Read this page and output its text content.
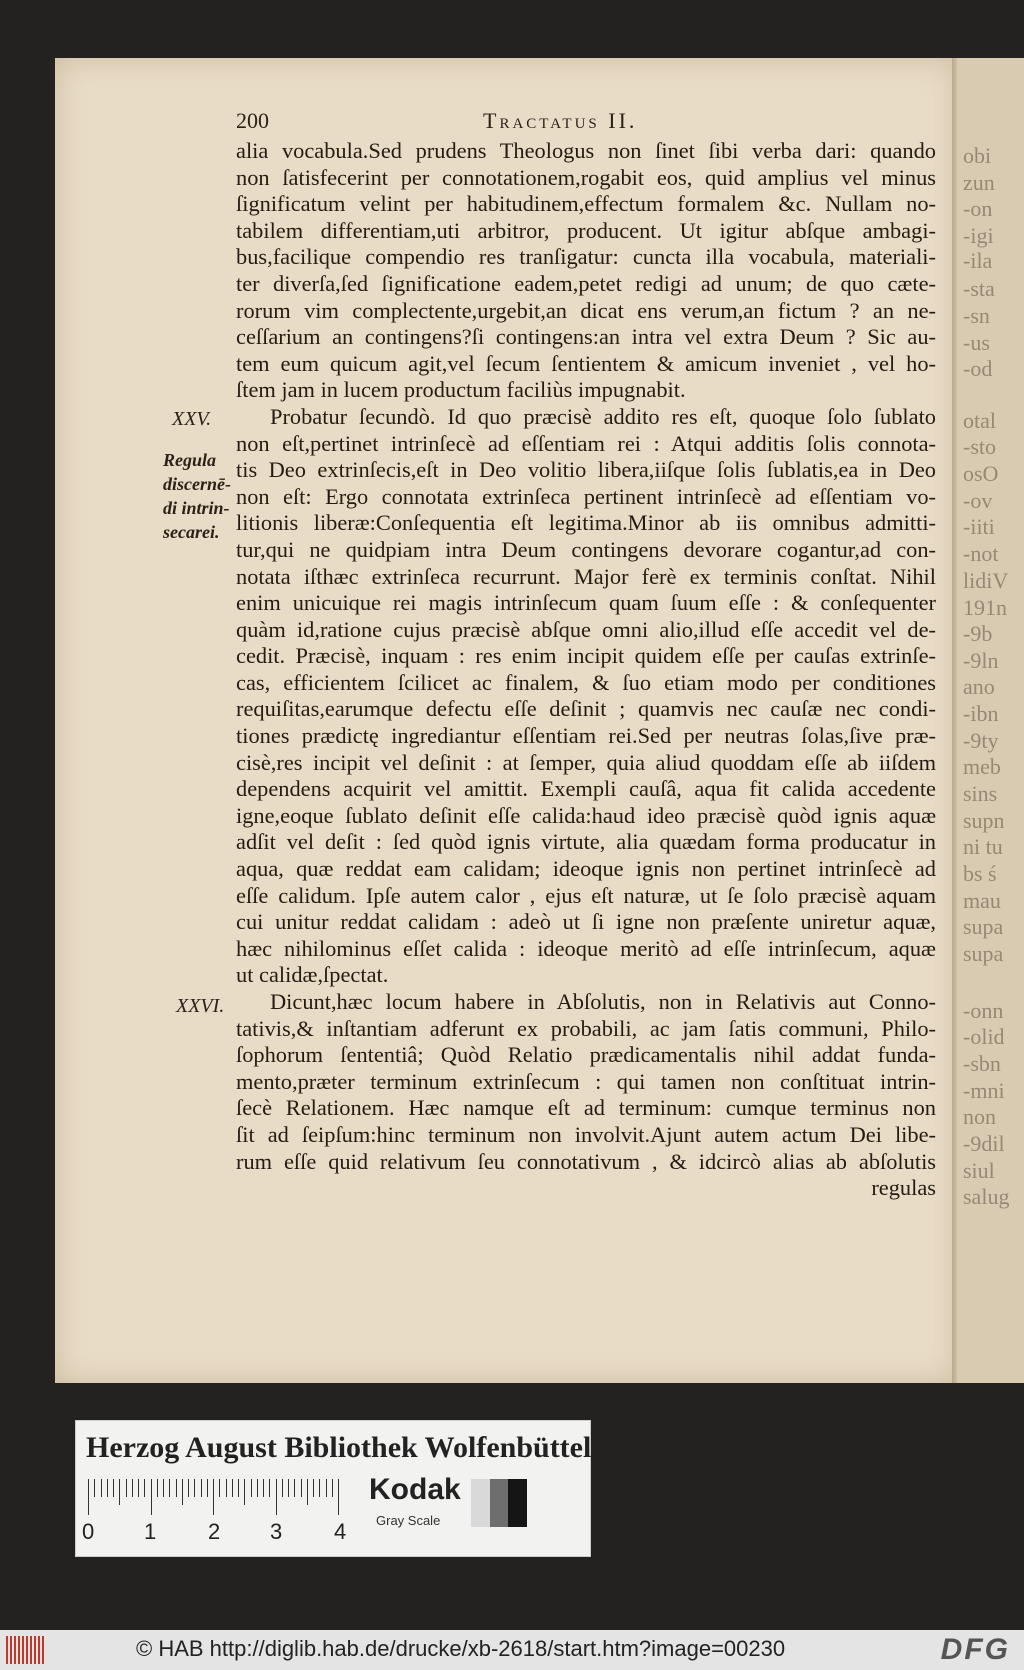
obi
zun
-on
-igi
-ila
-sta
-sn
-us
-od
otal
-sto
osO
-ov
-iiti
-not
lidiV
191n
-9b
-9ln
ano
-ibn
-9ty
meb
sins
supn
ni tu
bs ś
mau
supa
supa
-onn
-olid
-sbn
-mni
non
-9dil
siul
salug
200	Tractatus II.
XXV.
Regula
discernē-
di intrin-
secarei.
XXVI.
alia vocabula.Sed prudens Theologus non ſinet ſibi verba dari: quando
non ſatisfecerint per connotationem,rogabit eos, quid amplius vel minus
ſignificatum velint per habitudinem,effectum formalem &c. Nullam no-
tabilem differentiam,uti arbitror, producent. Ut igitur abſque ambagi-
bus,facilique compendio res tranſigatur: cuncta illa vocabula, materiali-
ter diverſa,ſed ſignificatione eadem,petet redigi ad unum; de quo cæte-
rorum vim complectente,urgebit,an dicat ens verum,an fictum ? an ne-
ceſſarium an contingens?ſi contingens:an intra vel extra Deum ? Sic au-
tem eum quicum agit,vel ſecum ſentientem & amicum inveniet , vel ho-
ſtem jam in lucem productum faciliùs impugnabit.
Probatur ſecundò. Id quo præcisè addito res eſt, quoque ſolo ſublato
non eſt,pertinet intrinſecè ad eſſentiam rei : Atqui additis ſolis connota-
tis Deo extrinſecis,eſt in Deo volitio libera,iiſque ſolis ſublatis,ea in Deo
non eſt: Ergo connotata extrinſeca pertinent intrinſecè ad eſſentiam vo-
litionis liberæ:Conſequentia eſt legitima.Minor ab iis omnibus admitti-
tur,qui ne quidpiam intra Deum contingens devorare cogantur,ad con-
notata iſthæc extrinſeca recurrunt. Major ferè ex terminis conſtat. Nihil
enim unicuique rei magis intrinſecum quam ſuum eſſe : & conſequenter
quàm id,ratione cujus præcisè abſque omni alio,illud eſſe accedit vel de-
cedit. Præcisè, inquam : res enim incipit quidem eſſe per cauſas extrinſe-
cas, efficientem ſcilicet ac finalem, & ſuo etiam modo per conditiones
requiſitas,earumque defectu eſſe deſinit ; quamvis nec cauſæ nec condi-
tiones prædictę ingrediantur eſſentiam rei.Sed per neutras ſolas,ſive præ-
cisè,res incipit vel deſinit : at ſemper, quia aliud quoddam eſſe ab iiſdem
dependens acquirit vel amittit. Exempli cauſâ, aqua fit calida accedente
igne,eoque ſublato deſinit eſſe calida:haud ideo præcisè quòd ignis aquæ
adſit vel deſit : ſed quòd ignis virtute, alia quædam forma producatur in
aqua, quæ reddat eam calidam; ideoque ignis non pertinet intrinſecè ad
eſſe calidum. Ipſe autem calor , ejus eſt naturæ, ut ſe ſolo præcisè aquam
cui unitur reddat calidam : adeò ut ſi igne non præſente uniretur aquæ,
hæc nihilominus eſſet calida : ideoque meritò ad eſſe intrinſecum, aquæ
ut calidæ,ſpectat.
Dicunt,hæc locum habere in Abſolutis, non in Relativis aut Conno-
tativis,& inſtantiam adferunt ex probabili, ac jam ſatis communi, Philo-
ſophorum ſententiâ; Quòd Relatio prædicamentalis nihil addat funda-
mento,præter terminum extrinſecum : qui tamen non conſtituat intrin-
ſecè Relationem. Hæc namque eſt ad terminum: cumque terminus non
ſit ad ſeipſum:hinc terminum non involvit.Ajunt autem actum Dei libe-
rum eſſe quid relativum ſeu connotativum , & idcircò alias ab abſolutis
regulas
Herzog August Bibliothek Wolfenbüttel
0 1 2 3 4
Kodak
Gray Scale
© HAB http://diglib.hab.de/drucke/xb-2618/start.htm?image=00230	DFG
